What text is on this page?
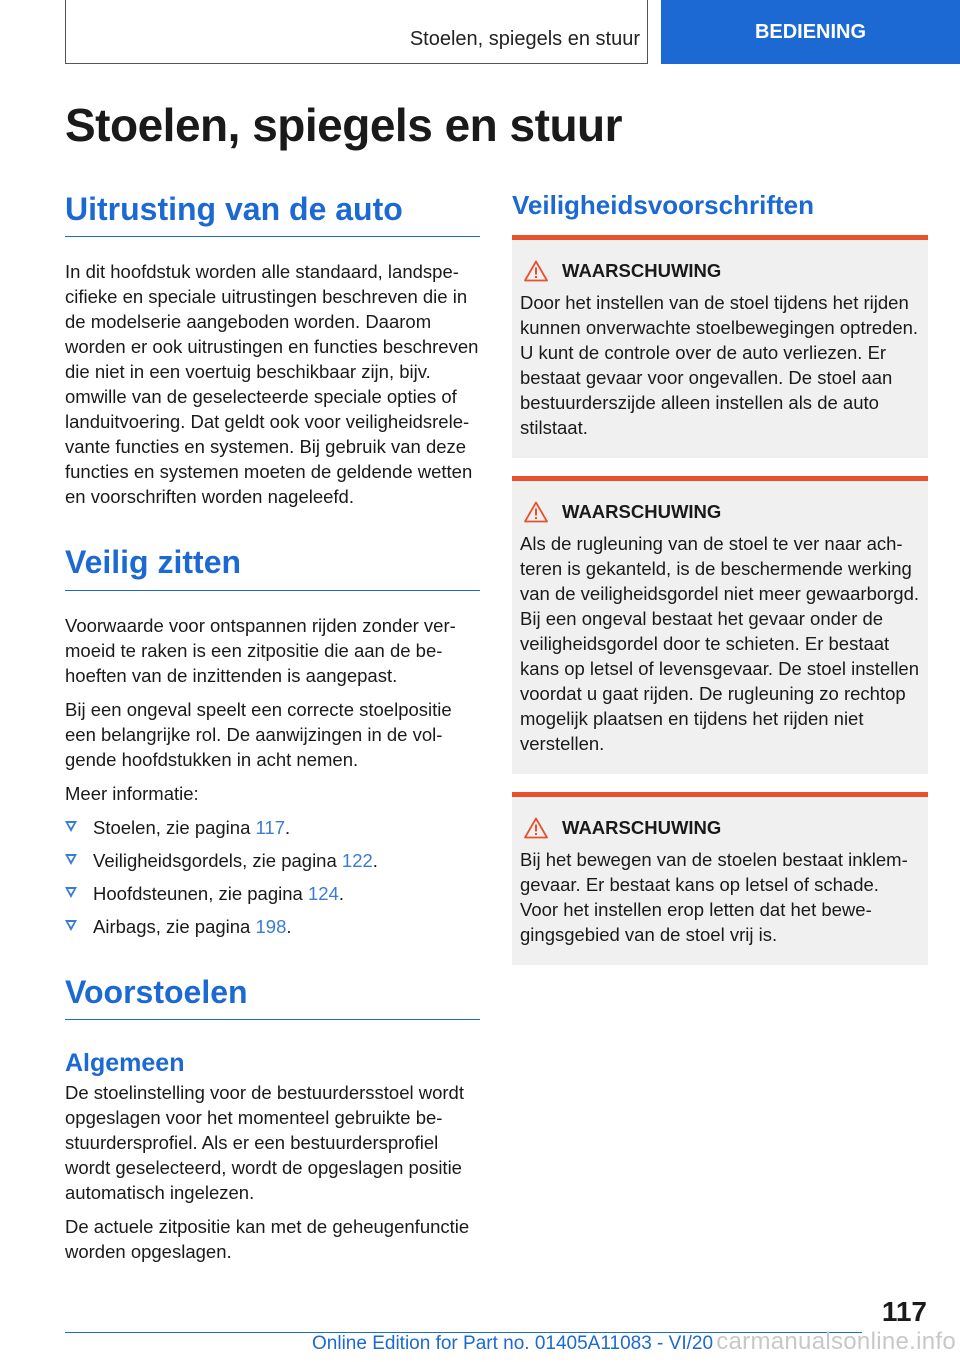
Stoelen, spiegels en stuur	BEDIENING
Stoelen, spiegels en stuur
Uitrusting van de auto

In dit hoofdstuk worden alle standaard, landspecifieke en speciale uitrustingen beschreven die in de modelserie aangeboden worden. Daarom worden er ook uitrustingen en functies beschreven die niet in een voertuig beschikbaar zijn, bijv. omwille van de geselecteerde speciale opties of landuitvoering. Dat geldt ook voor veiligheidsrelevante functies en systemen. Bij gebruik van deze functies en systemen moeten de geldende wetten en voorschriften worden nageleefd.

Veilig zitten

Voorwaarde voor ontspannen rijden zonder vermoeid te raken is een zitpositie die aan de behoeften van de inzittenden is aangepast.

Bij een ongeval speelt een correcte stoelpositie een belangrijke rol. De aanwijzingen in de volgende hoofdstukken in acht nemen.

Meer informatie:

Stoelen, zie pagina 117.
Veiligheidsgordels, zie pagina 122.
Hoofdsteunen, zie pagina 124.
Airbags, zie pagina 198.
Voorstoelen
Algemeen

De stoelinstelling voor de bestuurdersstoel wordt opgeslagen voor het momenteel gebruikte bestuurdersprofiel. Als er een bestuurdersprofiel wordt geselecteerd, wordt de opgeslagen positie automatisch ingelezen.

De actuele zitpositie kan met de geheugenfunctie worden opgeslagen.

Veiligheidsvoorschriften
WAARSCHUWING

Door het instellen van de stoel tijdens het rijden kunnen onverwachte stoelbewegingen optreden. U kunt de controle over de auto verliezen. Er bestaat gevaar voor ongevallen. De stoel aan bestuurderszijde alleen instellen als de auto stilstaat.

WAARSCHUWING

Als de rugleuning van de stoel te ver naar achteren is gekanteld, is de beschermende werking van de veiligheidsgordel niet meer gewaarborgd. Bij een ongeval bestaat het gevaar onder de veiligheidsgordel door te schieten. Er bestaat kans op letsel of levensgevaar. De stoel instellen voordat u gaat rijden. De rugleuning zo rechtop mogelijk plaatsen en tijdens het rijden niet verstellen.

WAARSCHUWING

Bij het bewegen van de stoelen bestaat inklemgevaar. Er bestaat kans op letsel of schade. Voor het instellen erop letten dat het bewegingsgebied van de stoel vrij is.

117
Online Edition for Part no. 01405A11083 - VI/20 carmanualsonline.info
